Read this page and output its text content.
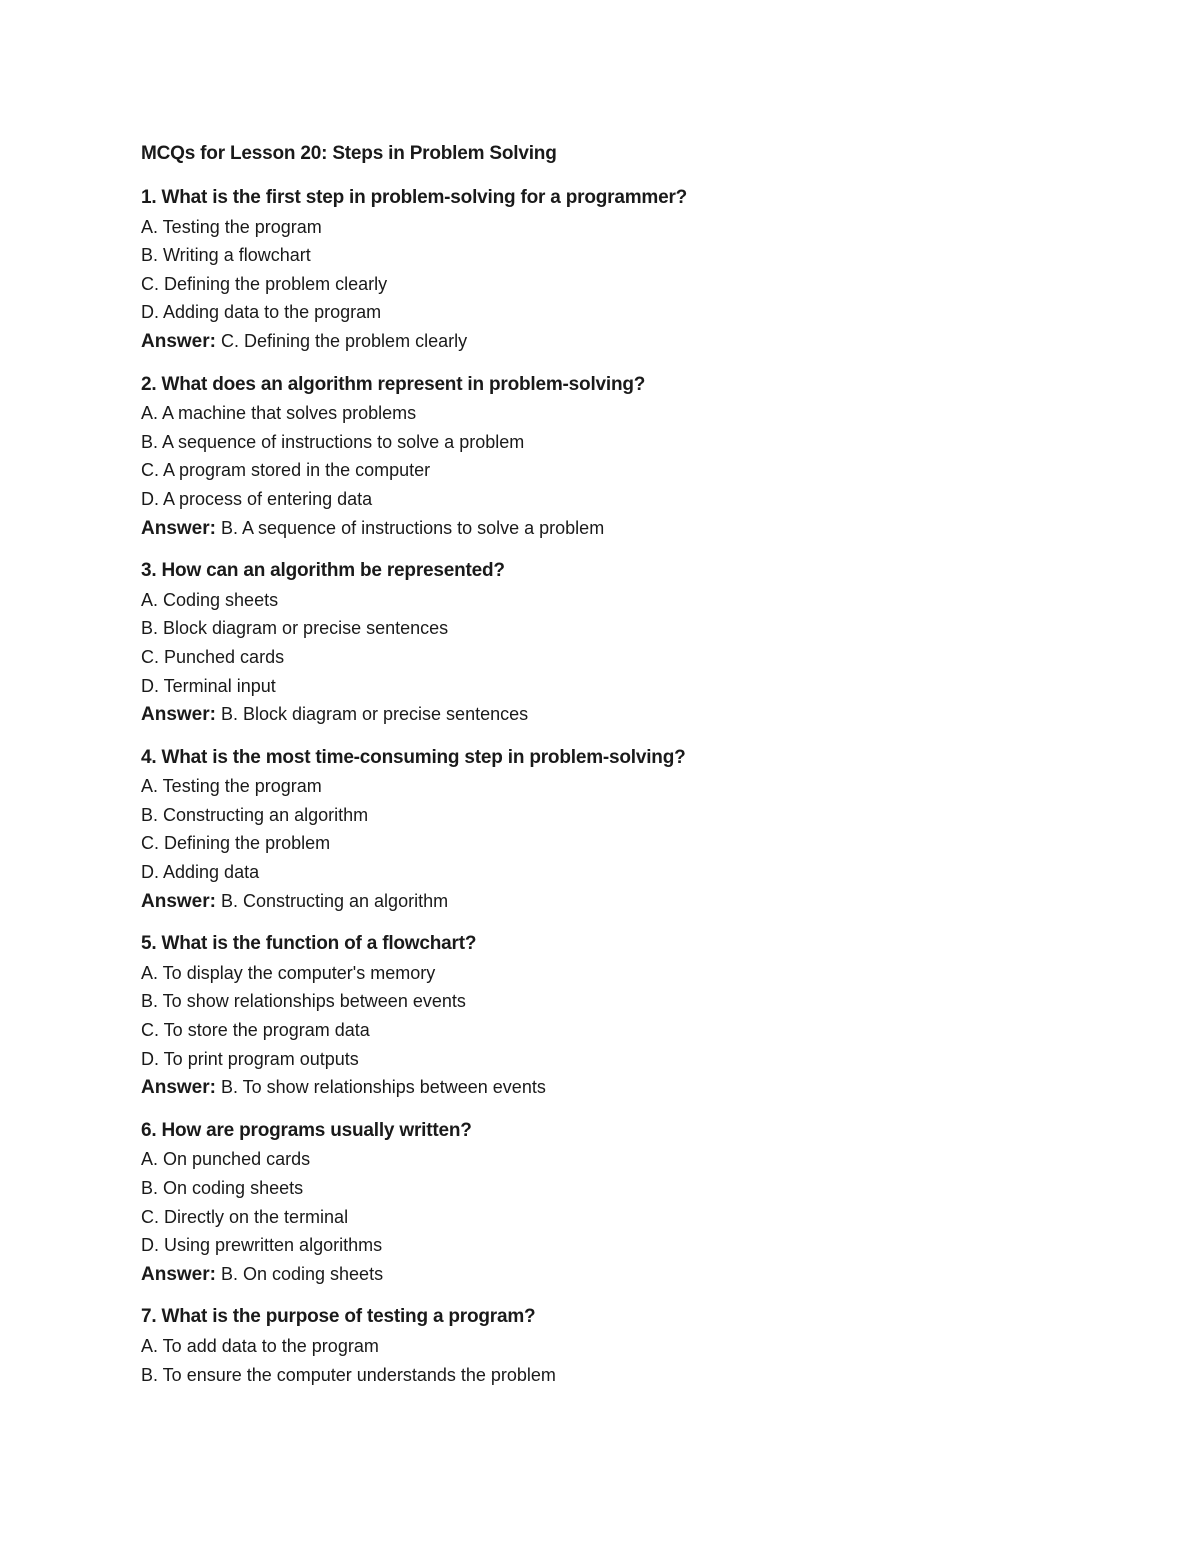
MCQs for Lesson 20: Steps in Problem Solving
1. What is the first step in problem-solving for a programmer?
A. Testing the program
B. Writing a flowchart
C. Defining the problem clearly
D. Adding data to the program
Answer: C. Defining the problem clearly
2. What does an algorithm represent in problem-solving?
A. A machine that solves problems
B. A sequence of instructions to solve a problem
C. A program stored in the computer
D. A process of entering data
Answer: B. A sequence of instructions to solve a problem
3. How can an algorithm be represented?
A. Coding sheets
B. Block diagram or precise sentences
C. Punched cards
D. Terminal input
Answer: B. Block diagram or precise sentences
4. What is the most time-consuming step in problem-solving?
A. Testing the program
B. Constructing an algorithm
C. Defining the problem
D. Adding data
Answer: B. Constructing an algorithm
5. What is the function of a flowchart?
A. To display the computer's memory
B. To show relationships between events
C. To store the program data
D. To print program outputs
Answer: B. To show relationships between events
6. How are programs usually written?
A. On punched cards
B. On coding sheets
C. Directly on the terminal
D. Using prewritten algorithms
Answer: B. On coding sheets
7. What is the purpose of testing a program?
A. To add data to the program
B. To ensure the computer understands the problem
